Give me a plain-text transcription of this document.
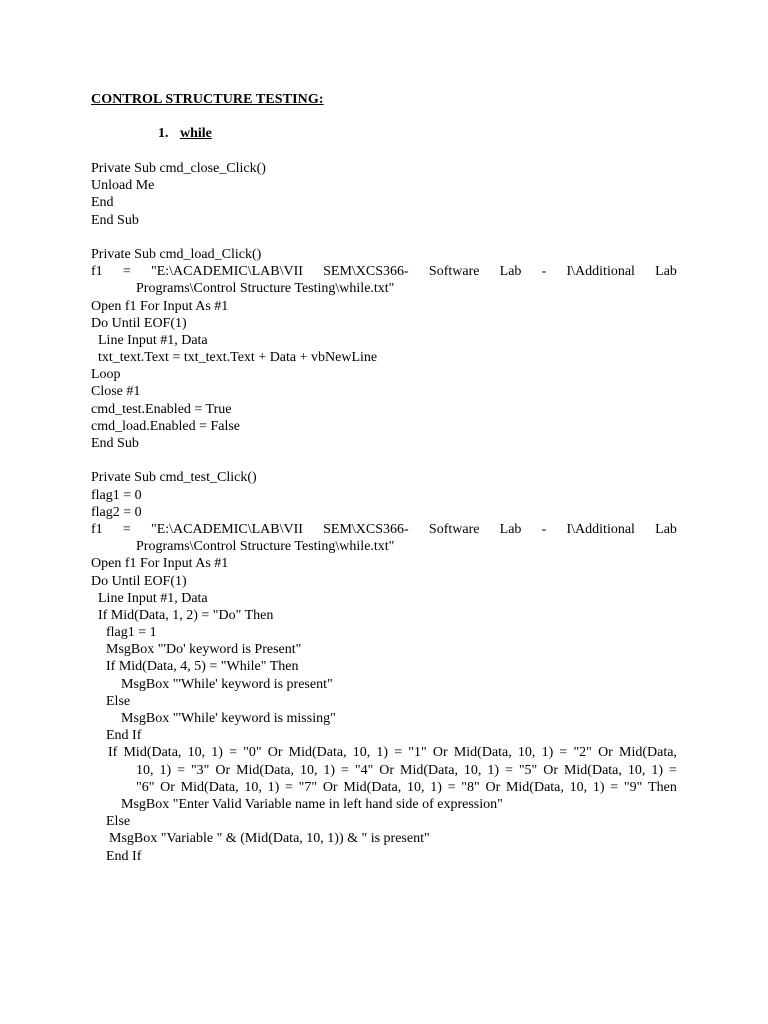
CONTROL STRUCTURE TESTING:
1. while
Private Sub cmd_close_Click()
Unload Me
End
End Sub
Private Sub cmd_load_Click()
f1 = "E:\ACADEMIC\LAB\VII SEM\XCS366- Software Lab - I\Additional Lab
Programs\Control Structure Testing\while.txt"
Open f1 For Input As #1
Do Until EOF(1)
Line Input #1, Data
txt_text.Text = txt_text.Text + Data + vbNewLine
Loop
Close #1
cmd_test.Enabled = True
cmd_load.Enabled = False
End Sub
Private Sub cmd_test_Click()
flag1 = 0
flag2 = 0
f1 = "E:\ACADEMIC\LAB\VII SEM\XCS366- Software Lab - I\Additional Lab
Programs\Control Structure Testing\while.txt"
Open f1 For Input As #1
Do Until EOF(1)
Line Input #1, Data
If Mid(Data, 1, 2) = "Do" Then
flag1 = 1
MsgBox "'Do' keyword is Present"
If Mid(Data, 4, 5) = "While" Then
MsgBox "'While' keyword is present"
Else
MsgBox "'While' keyword is missing"
End If
If Mid(Data, 10, 1) = "0" Or Mid(Data, 10, 1) = "1" Or Mid(Data, 10, 1) = "2" Or Mid(Data,
10, 1) = "3" Or Mid(Data, 10, 1) = "4" Or Mid(Data, 10, 1) = "5" Or Mid(Data, 10, 1) =
"6" Or Mid(Data, 10, 1) = "7" Or Mid(Data, 10, 1) = "8" Or Mid(Data, 10, 1) = "9" Then
MsgBox "Enter Valid Variable name in left hand side of expression"
Else
MsgBox "Variable " & (Mid(Data, 10, 1)) & " is present"
End If
